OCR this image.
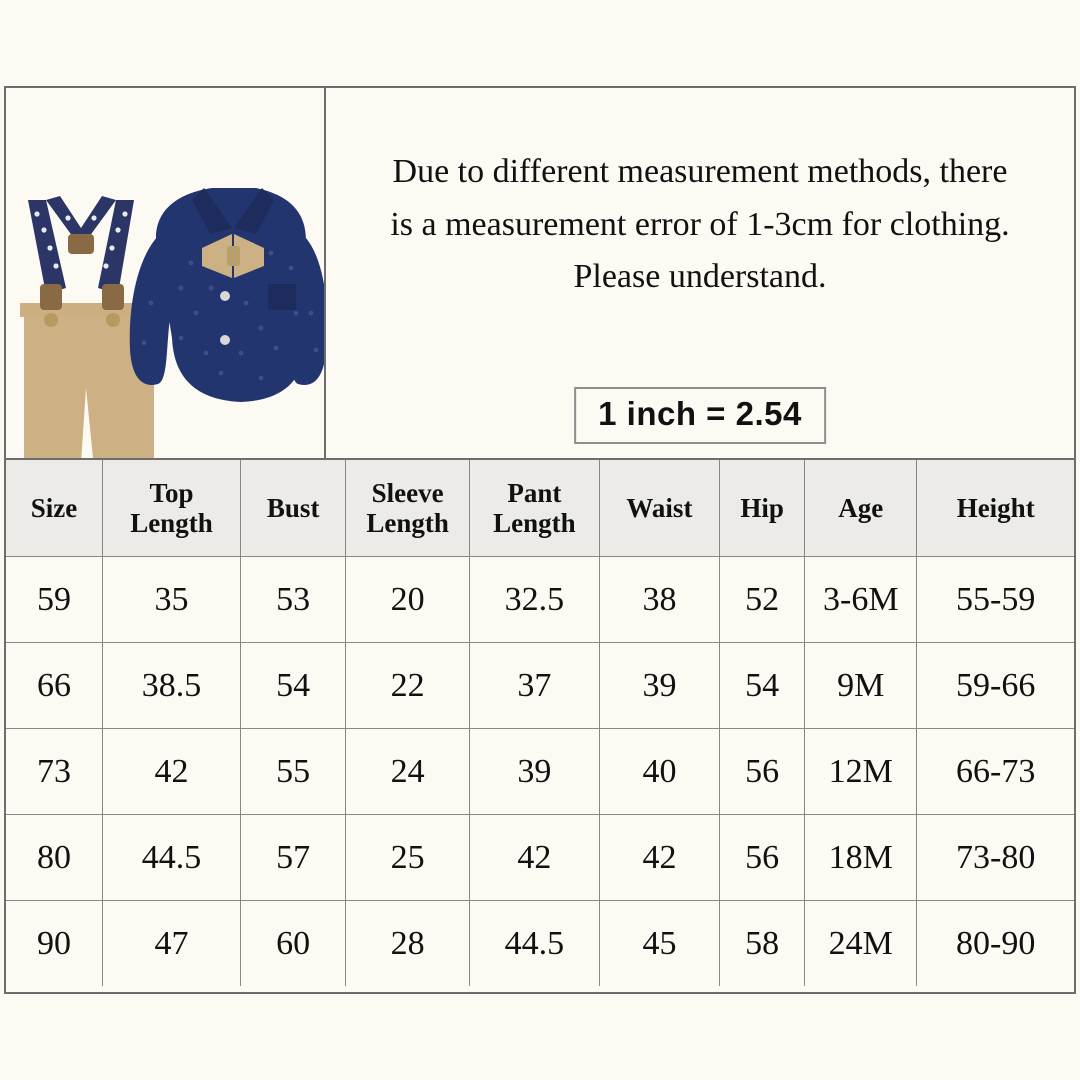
Due to different measurement methods, there is a measurement error of 1-3cm for clothing. Please understand.
1 inch = 2.54
Size	Top Length	Bust	Sleeve Length	Pant Length	Waist	Hip	Age	Height
59	35	53	20	32.5	38	52	3-6M	55-59
66	38.5	54	22	37	39	54	9M	59-66
73	42	55	24	39	40	56	12M	66-73
80	44.5	57	25	42	42	56	18M	73-80
90	47	60	28	44.5	45	58	24M	80-90
